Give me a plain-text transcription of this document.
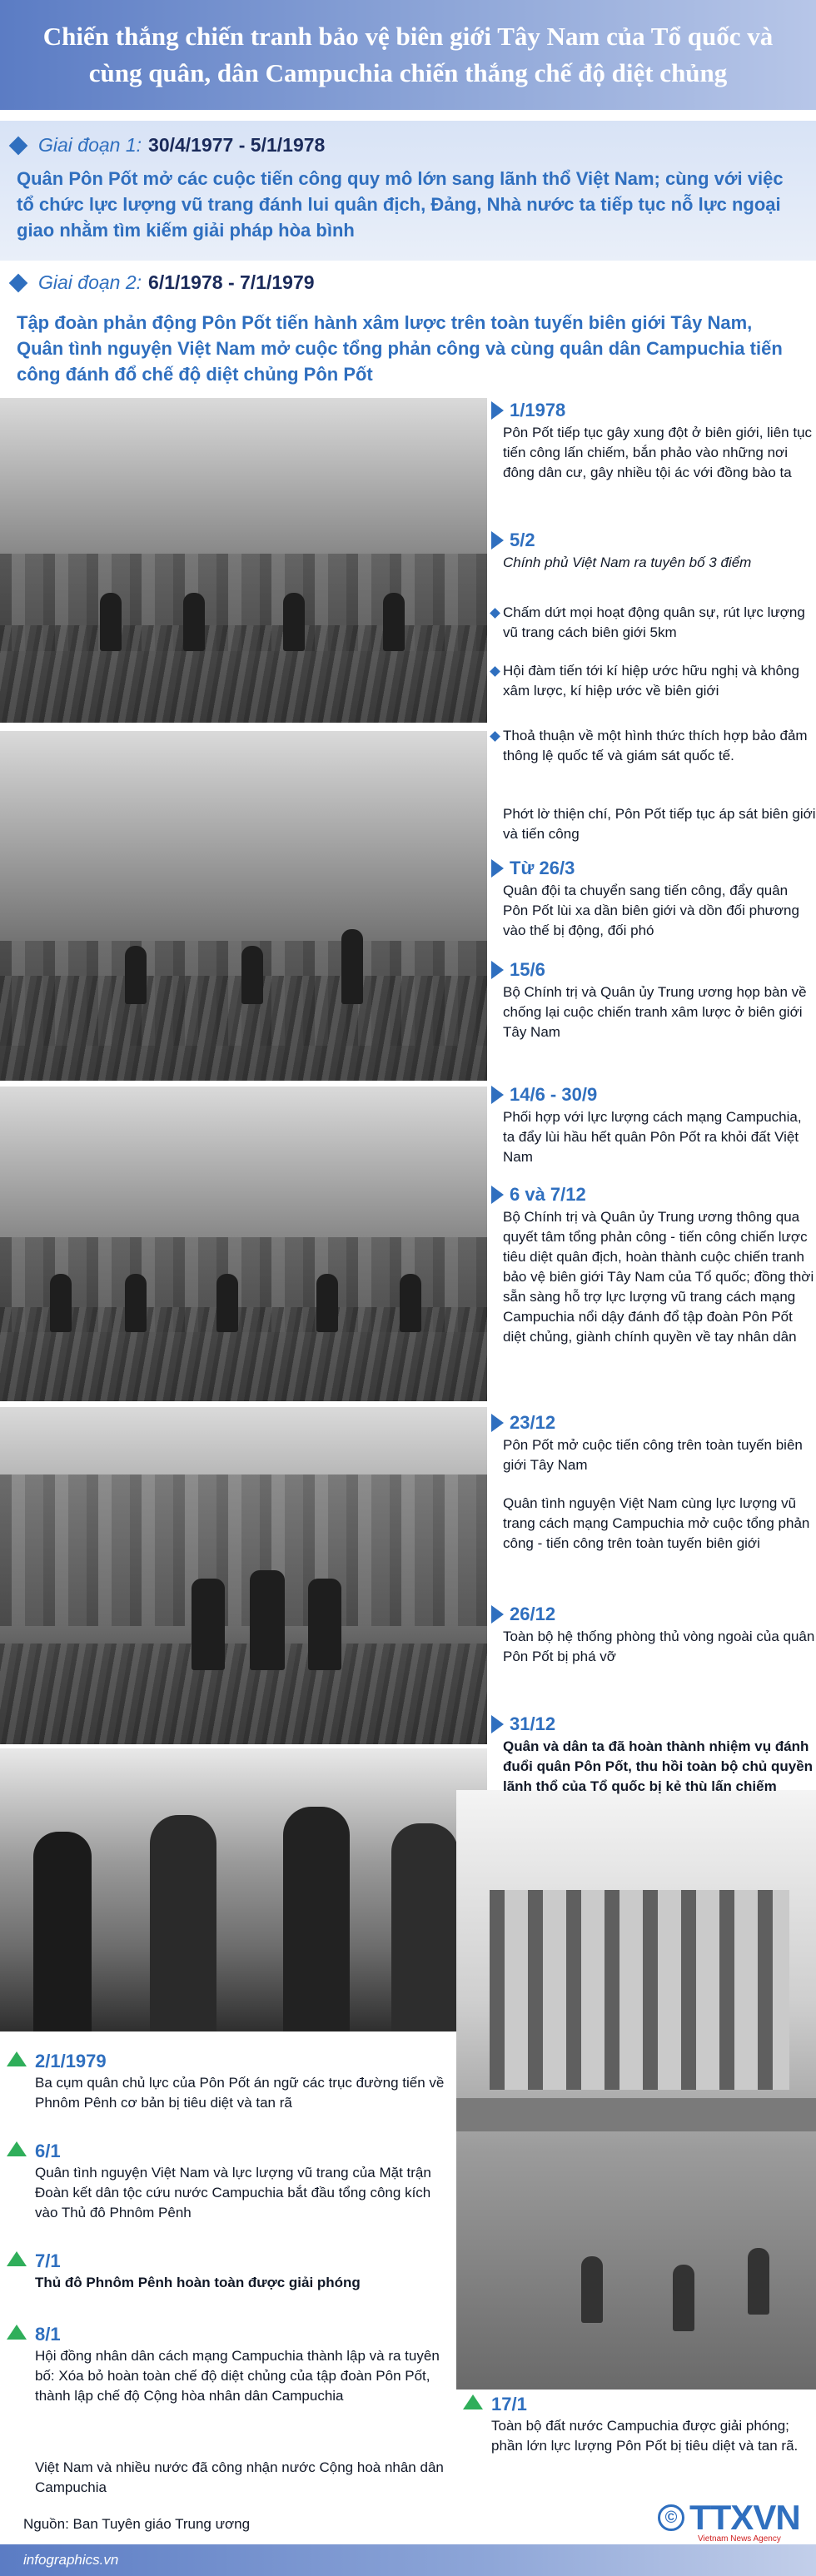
Chiến thắng chiến tranh bảo vệ biên giới Tây Nam của Tổ quốc và cùng quân, dân Campuchia chiến thắng chế độ diệt chủng
Giai đoạn 1: 30/4/1977 - 5/1/1978
Quân Pôn Pốt mở các cuộc tiến công quy mô lớn sang lãnh thổ Việt Nam; cùng với việc tổ chức lực lượng vũ trang đánh lui quân địch, Đảng, Nhà nước ta tiếp tục nỗ lực ngoại giao nhằm tìm kiếm giải pháp hòa bình
Giai đoạn 2: 6/1/1978 - 7/1/1979
Tập đoàn phản động Pôn Pốt tiến hành xâm lược trên toàn tuyến biên giới Tây Nam, Quân tình nguyện Việt Nam mở cuộc tổng phản công và cùng quân dân Campuchia tiến công đánh đổ chế độ diệt chủng Pôn Pốt
1/1978
Pôn Pốt tiếp tục gây xung đột ở biên giới, liên tục tiến công lấn chiếm, bắn phảo vào những nơi đông dân cư, gây nhiều tội ác với đồng bào ta
5/2
Chính phủ Việt Nam ra tuyên bố 3 điểm
Chấm dứt mọi hoạt động quân sự, rút lực lượng vũ trang cách biên giới 5km
Hội đàm tiến tới kí hiệp ước hữu nghị và không xâm lược, kí hiệp ước về biên giới
Thoả thuận về một hình thức thích hợp bảo đảm thông lệ quốc tế và giám sát quốc tế.
Phớt lờ thiện chí, Pôn Pốt tiếp tục áp sát biên giới và tiến công
Từ 26/3
Quân đội ta chuyển sang tiến công, đẩy quân Pôn Pốt lùi xa dần biên giới và dồn đối phương vào thế bị động, đối phó
15/6
Bộ Chính trị và Quân ủy Trung ương họp bàn về chống lại cuộc chiến tranh xâm lược ở biên giới Tây Nam
14/6 - 30/9
Phối hợp với lực lượng cách mạng Campuchia, ta đẩy lùi hầu hết quân Pôn Pốt ra khỏi đất Việt Nam
6 và 7/12
Bộ Chính trị và Quân ủy Trung ương thông qua quyết tâm tổng phản công - tiến công chiến lược tiêu diệt quân địch, hoàn thành cuộc chiến tranh bảo vệ biên giới Tây Nam của Tổ quốc; đồng thời sẵn sàng hỗ trợ lực lượng vũ trang cách mạng Campuchia nổi dậy đánh đổ tập đoàn Pôn Pốt diệt chủng, giành chính quyền về tay nhân dân
23/12
Pôn Pốt mở cuộc tiến công trên toàn tuyến biên giới Tây Nam
Quân tình nguyện Việt Nam cùng lực lượng vũ trang cách mạng Campuchia mở cuộc tổng phản công - tiến công trên toàn tuyến biên giới
26/12
Toàn bộ hệ thống phòng thủ vòng ngoài của quân Pôn Pốt bị phá vỡ
31/12
Quân và dân ta đã hoàn thành nhiệm vụ đánh đuổi quân Pôn Pốt, thu hồi toàn bộ chủ quyền lãnh thổ của Tổ quốc bị kẻ thù lấn chiếm
2/1/1979
Ba cụm quân chủ lực của Pôn Pốt án ngữ các trục đường tiến về Phnôm Pênh cơ bản bị tiêu diệt và tan rã
6/1
Quân tình nguyện Việt Nam và lực lượng vũ trang của Mặt trận Đoàn kết dân tộc cứu nước Campuchia bắt đầu tổng công kích vào Thủ đô Phnôm Pênh
7/1
Thủ đô Phnôm Pênh hoàn toàn được giải phóng
8/1
Hội đồng nhân dân cách mạng Campuchia thành lập và ra tuyên bố: Xóa bỏ hoàn toàn chế độ diệt chủng của tập đoàn Pôn Pốt, thành lập chế độ Cộng hòa nhân dân Campuchia
Việt Nam và nhiều nước đã công nhận nước Cộng hoà nhân dân Campuchia
17/1
Toàn bộ đất nước Campuchia được giải phóng;
phần lớn lực lượng Pôn Pốt bị tiêu diệt và tan rã.
Nguồn: Ban Tuyên giáo Trung ương	© TTXVN
Vietnam News Agency
infographics.vn
